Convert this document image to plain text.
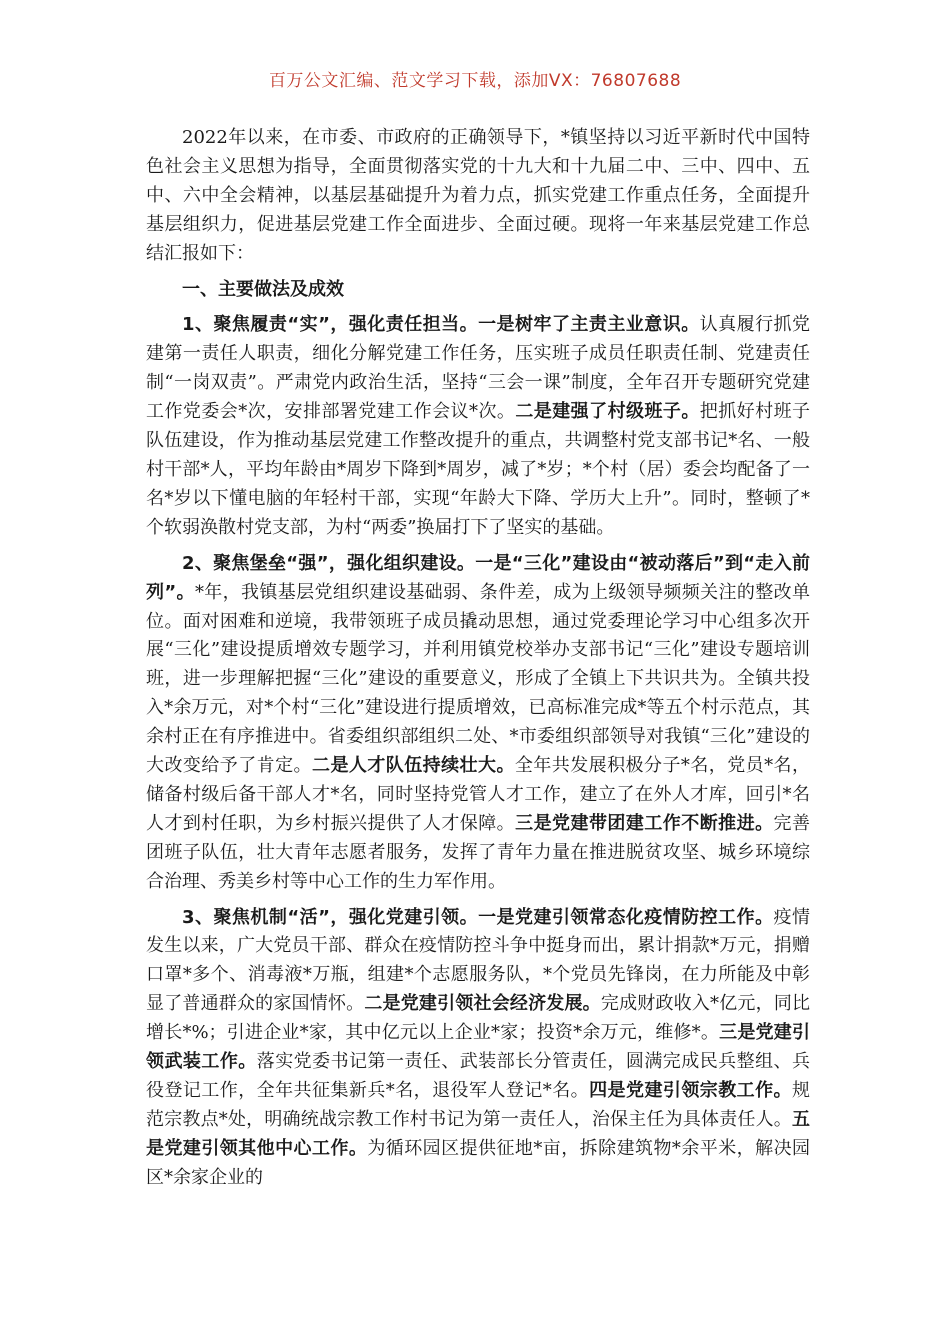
百万公文汇编、范文学习下载，添加VX：76807688

2022年以来，在市委、市政府的正确领导下，*镇坚持以习近平新时代中国特色社会主义思想为指导，全面贯彻落实党的十九大和十九届二中、三中、四中、五中、六中全会精神，以基层基础提升为着力点，抓实党建工作重点任务，全面提升基层组织力，促进基层党建工作全面进步、全面过硬。现将一年来基层党建工作总结汇报如下：

一、主要做法及成效

1、聚焦履责“实”，强化责任担当。一是树牢了主责主业意识。认真履行抓党建第一责任人职责，细化分解党建工作任务，压实班子成员任职责任制、党建责任制“一岗双责”。严肃党内政治生活，坚持“三会一课”制度，全年召开专题研究党建工作党委会*次，安排部署党建工作会议*次。二是建强了村级班子。把抓好村班子队伍建设，作为推动基层党建工作整改提升的重点，共调整村党支部书记*名、一般村干部*人，平均年龄由*周岁下降到*周岁，减了*岁；*个村（居）委会均配备了一名*岁以下懂电脑的年轻村干部，实现“年龄大下降、学历大上升”。同时，整顿了*个软弱涣散村党支部，为村“两委”换届打下了坚实的基础。

2、聚焦堡垒“强”，强化组织建设。一是“三化”建设由“被动落后”到“走入前列”。*年，我镇基层党组织建设基础弱、条件差，成为上级领导频频关注的整改单位。面对困难和逆境，我带领班子成员撬动思想，通过党委理论学习中心组多次开展“三化”建设提质增效专题学习，并利用镇党校举办支部书记“三化”建设专题培训班，进一步理解把握“三化”建设的重要意义，形成了全镇上下共识共为。全镇共投入*余万元，对*个村“三化”建设进行提质增效，已高标准完成*等五个村示范点，其余村正在有序推进中。省委组织部组织二处、*市委组织部领导对我镇“三化”建设的大改变给予了肯定。二是人才队伍持续壮大。全年共发展积极分子*名，党员*名，储备村级后备干部人才*名，同时坚持党管人才工作，建立了在外人才库，回引*名人才到村任职，为乡村振兴提供了人才保障。三是党建带团建工作不断推进。完善团班子队伍，壮大青年志愿者服务，发挥了青年力量在推进脱贫攻坚、城乡环境综合治理、秀美乡村等中心工作的生力军作用。

3、聚焦机制“活”，强化党建引领。一是党建引领常态化疫情防控工作。疫情发生以来，广大党员干部、群众在疫情防控斗争中挺身而出，累计捐款*万元，捐赠口罩*多个、消毒液*万瓶，组建*个志愿服务队，*个党员先锋岗，在力所能及中彰显了普通群众的家国情怀。二是党建引领社会经济发展。完成财政收入*亿元，同比增长*%；引进企业*家，其中亿元以上企业*家；投资*余万元，维修*。三是党建引领武装工作。落实党委书记第一责任、武装部长分管责任，圆满完成民兵整组、兵役登记工作，全年共征集新兵*名，退役军人登记*名。四是党建引领宗教工作。规范宗教点*处，明确统战宗教工作村书记为第一责任人，治保主任为具体责任人。五是党建引领其他中心工作。为循环园区提供征地*亩，拆除建筑物*余平米，解决园区*余家企业的
